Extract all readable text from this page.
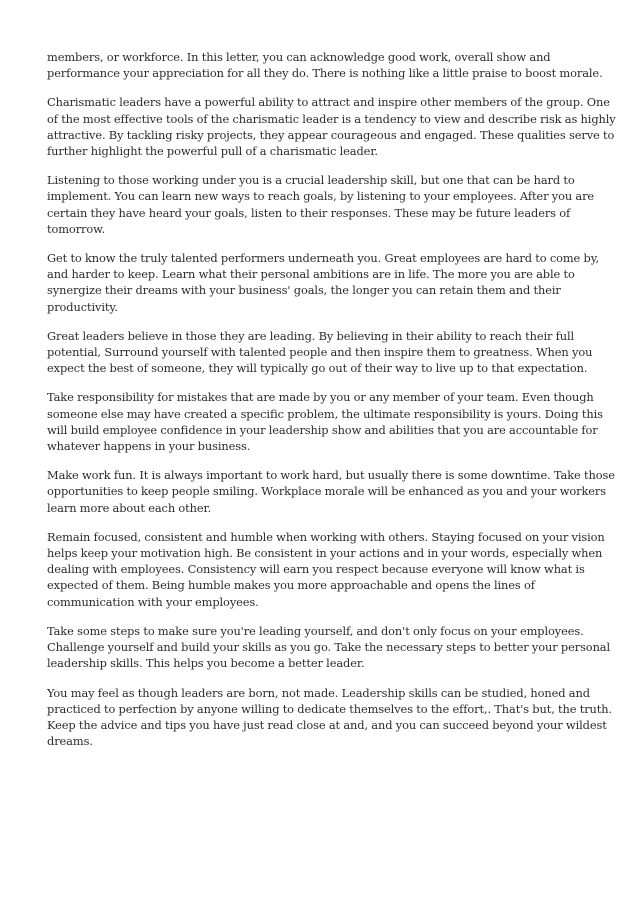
members, or workforce. In this letter, you can acknowledge good work, overall show and
performance your appreciation for all they do. There is nothing like a little praise to boost morale.

Charismatic leaders have a powerful ability to attract and inspire other members of the group. One
of the most effective tools of the charismatic leader is a tendency to view and describe risk as highly
attractive. By tackling risky projects, they appear courageous and engaged. These qualities serve to
further highlight the powerful pull of a charismatic leader.

Listening to those working under you is a crucial leadership skill, but one that can be hard to
implement. You can learn new ways to reach goals, by listening to your employees. After you are
certain they have heard your goals, listen to their responses. These may be future leaders of
tomorrow.

Get to know the truly talented performers underneath you. Great employees are hard to come by,
and harder to keep. Learn what their personal ambitions are in life. The more you are able to
synergize their dreams with your business' goals, the longer you can retain them and their
productivity.

Great leaders believe in those they are leading. By believing in their ability to reach their full
potential, Surround yourself with talented people and then inspire them to greatness. When you
expect the best of someone, they will typically go out of their way to live up to that expectation.

Take responsibility for mistakes that are made by you or any member of your team. Even though
someone else may have created a specific problem, the ultimate responsibility is yours. Doing this
will build employee confidence in your leadership show and abilities that you are accountable for
whatever happens in your business.

Make work fun. It is always important to work hard, but usually there is some downtime. Take those
opportunities to keep people smiling. Workplace morale will be enhanced as you and your workers
learn more about each other.

Remain focused, consistent and humble when working with others. Staying focused on your vision
helps keep your motivation high. Be consistent in your actions and in your words, especially when
dealing with employees. Consistency will earn you respect because everyone will know what is
expected of them. Being humble makes you more approachable and opens the lines of
communication with your employees.

Take some steps to make sure you're leading yourself, and don't only focus on your employees.
Challenge yourself and build your skills as you go. Take the necessary steps to better your personal
leadership skills. This helps you become a better leader.

You may feel as though leaders are born, not made. Leadership skills can be studied, honed and
practiced to perfection by anyone willing to dedicate themselves to the effort,. That's but, the truth.
Keep the advice and tips you have just read close at and, and you can succeed beyond your wildest
dreams.
